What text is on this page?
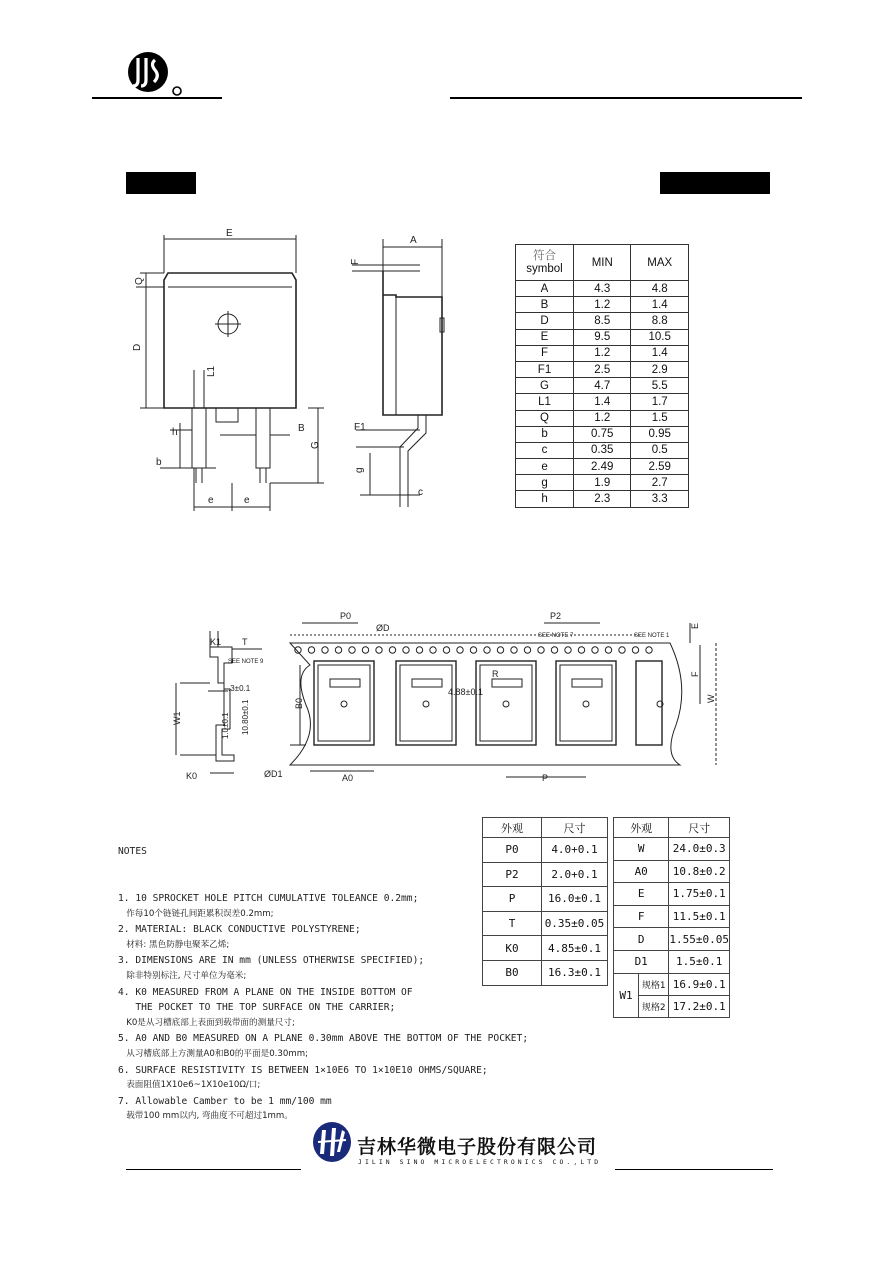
E
Q
D
L1
h
b
e	e
B
G
A
F
F1
g
c
符合
symbol	MIN	MAX
A	4.3	4.8
B	1.2	1.4
D	8.5	8.8
E	9.5	10.5
F	1.2	1.4
F1	2.5	2.9
G	4.7	5.5
L1	1.4	1.7
Q	1.2	1.5
b	0.75	0.95
c	0.35	0.5
e	2.49	2.59
g	1.9	2.7
h	2.3	3.3
P0
ØD
P2
SEE NOTE 7	SEE NOTE 1
E
F
W
K1 T
SEE NOTE 9
.3±0.1
W1
B0
1.0±0.1 10.80±0.1
K0	ØD1	A0	P
R
4.88±0.1

NOTES

1. 10 SPROCKET HOLE PITCH CUMULATIVE TOLEANCE 0.2mm;
作每10个链链孔间距累积误差0.2mm;
2. MATERIAL: BLACK CONDUCTIVE POLYSTYRENE;
材料: 黑色防静电聚苯乙烯;
3. DIMENSIONS ARE IN mm (UNLESS OTHERWISE SPECIFIED);
除非特别标注, 尺寸单位为毫米;
4. K0 MEASURED FROM A PLANE ON THE INSIDE BOTTOM OF
THE POCKET TO THE TOP SURFACE ON THE CARRIER;
K0是从习槽底部上表面到载带面的测量尺寸;
5. A0 AND B0 MEASURED ON A PLANE 0.30mm ABOVE THE BOTTOM OF THE POCKET;
从习槽底部上方测量A0和B0的平面是0.30mm;
6. SURFACE RESISTIVITY IS BETWEEN 1×10E6 TO 1×10E10 OHMS/SQUARE;
表面阻值1X10e6~1X10e10Ω/口;
7. Allowable Camber to be 1 mm/100 mm
载带100 mm以内, 弯曲度不可超过1mm。

外观	尺寸
P0	4.0+0.1
P2	2.0+0.1
P	16.0±0.1
T	0.35±0.05
K0	4.85±0.1
B0	16.3±0.1
外观		尺寸
W		24.0±0.3
A0		10.8±0.2
E		1.75±0.1
F		11.5±0.1
D		1.55±0.05
D1		1.5±0.1
W1	规格1	16.9±0.1
	规格2	17.2±0.1
吉林华微电子股份有限公司
JILIN SINO MICROELECTRONICS CO.,LTD
